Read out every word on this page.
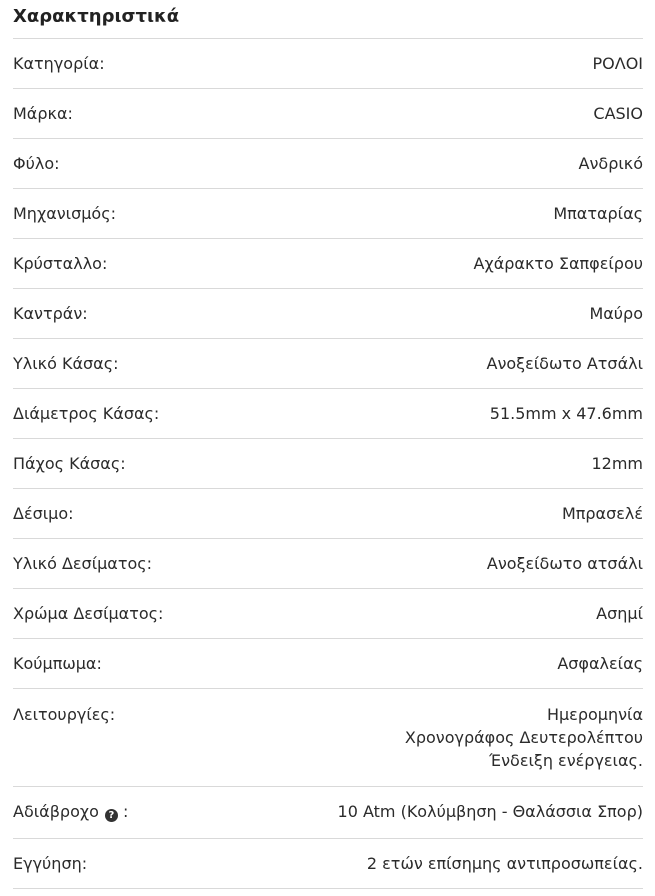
Χαρακτηριστικά
Κατηγορία:	ΡΟΛΟΙ
Μάρκα:	CASIO
Φύλο:	Ανδρικό
Μηχανισμός:	Μπαταρίας
Κρύσταλλο:	Αχάρακτο Σαπφείρου
Καντράν:	Μαύρο
Υλικό Κάσας:	Ανοξείδωτο Ατσάλι
Διάμετρος Κάσας:	51.5mm x 47.6mm
Πάχος Κάσας:	12mm
Δέσιμο:	Μπρασελέ
Υλικό Δεσίματος:	Ανοξείδωτο ατσάλι
Χρώμα Δεσίματος:	Ασημί
Κούμπωμα:	Ασφαλείας
Λειτουργίες:	Ημερομηνία
Χρονογράφος Δευτερολέπτου
Ένδειξη ενέργειας.
Αδιάβροχο ? :	10 Atm (Κολύμβηση - Θαλάσσια Σπορ)
Εγγύηση:	2 ετών επίσημης αντιπροσωπείας.
